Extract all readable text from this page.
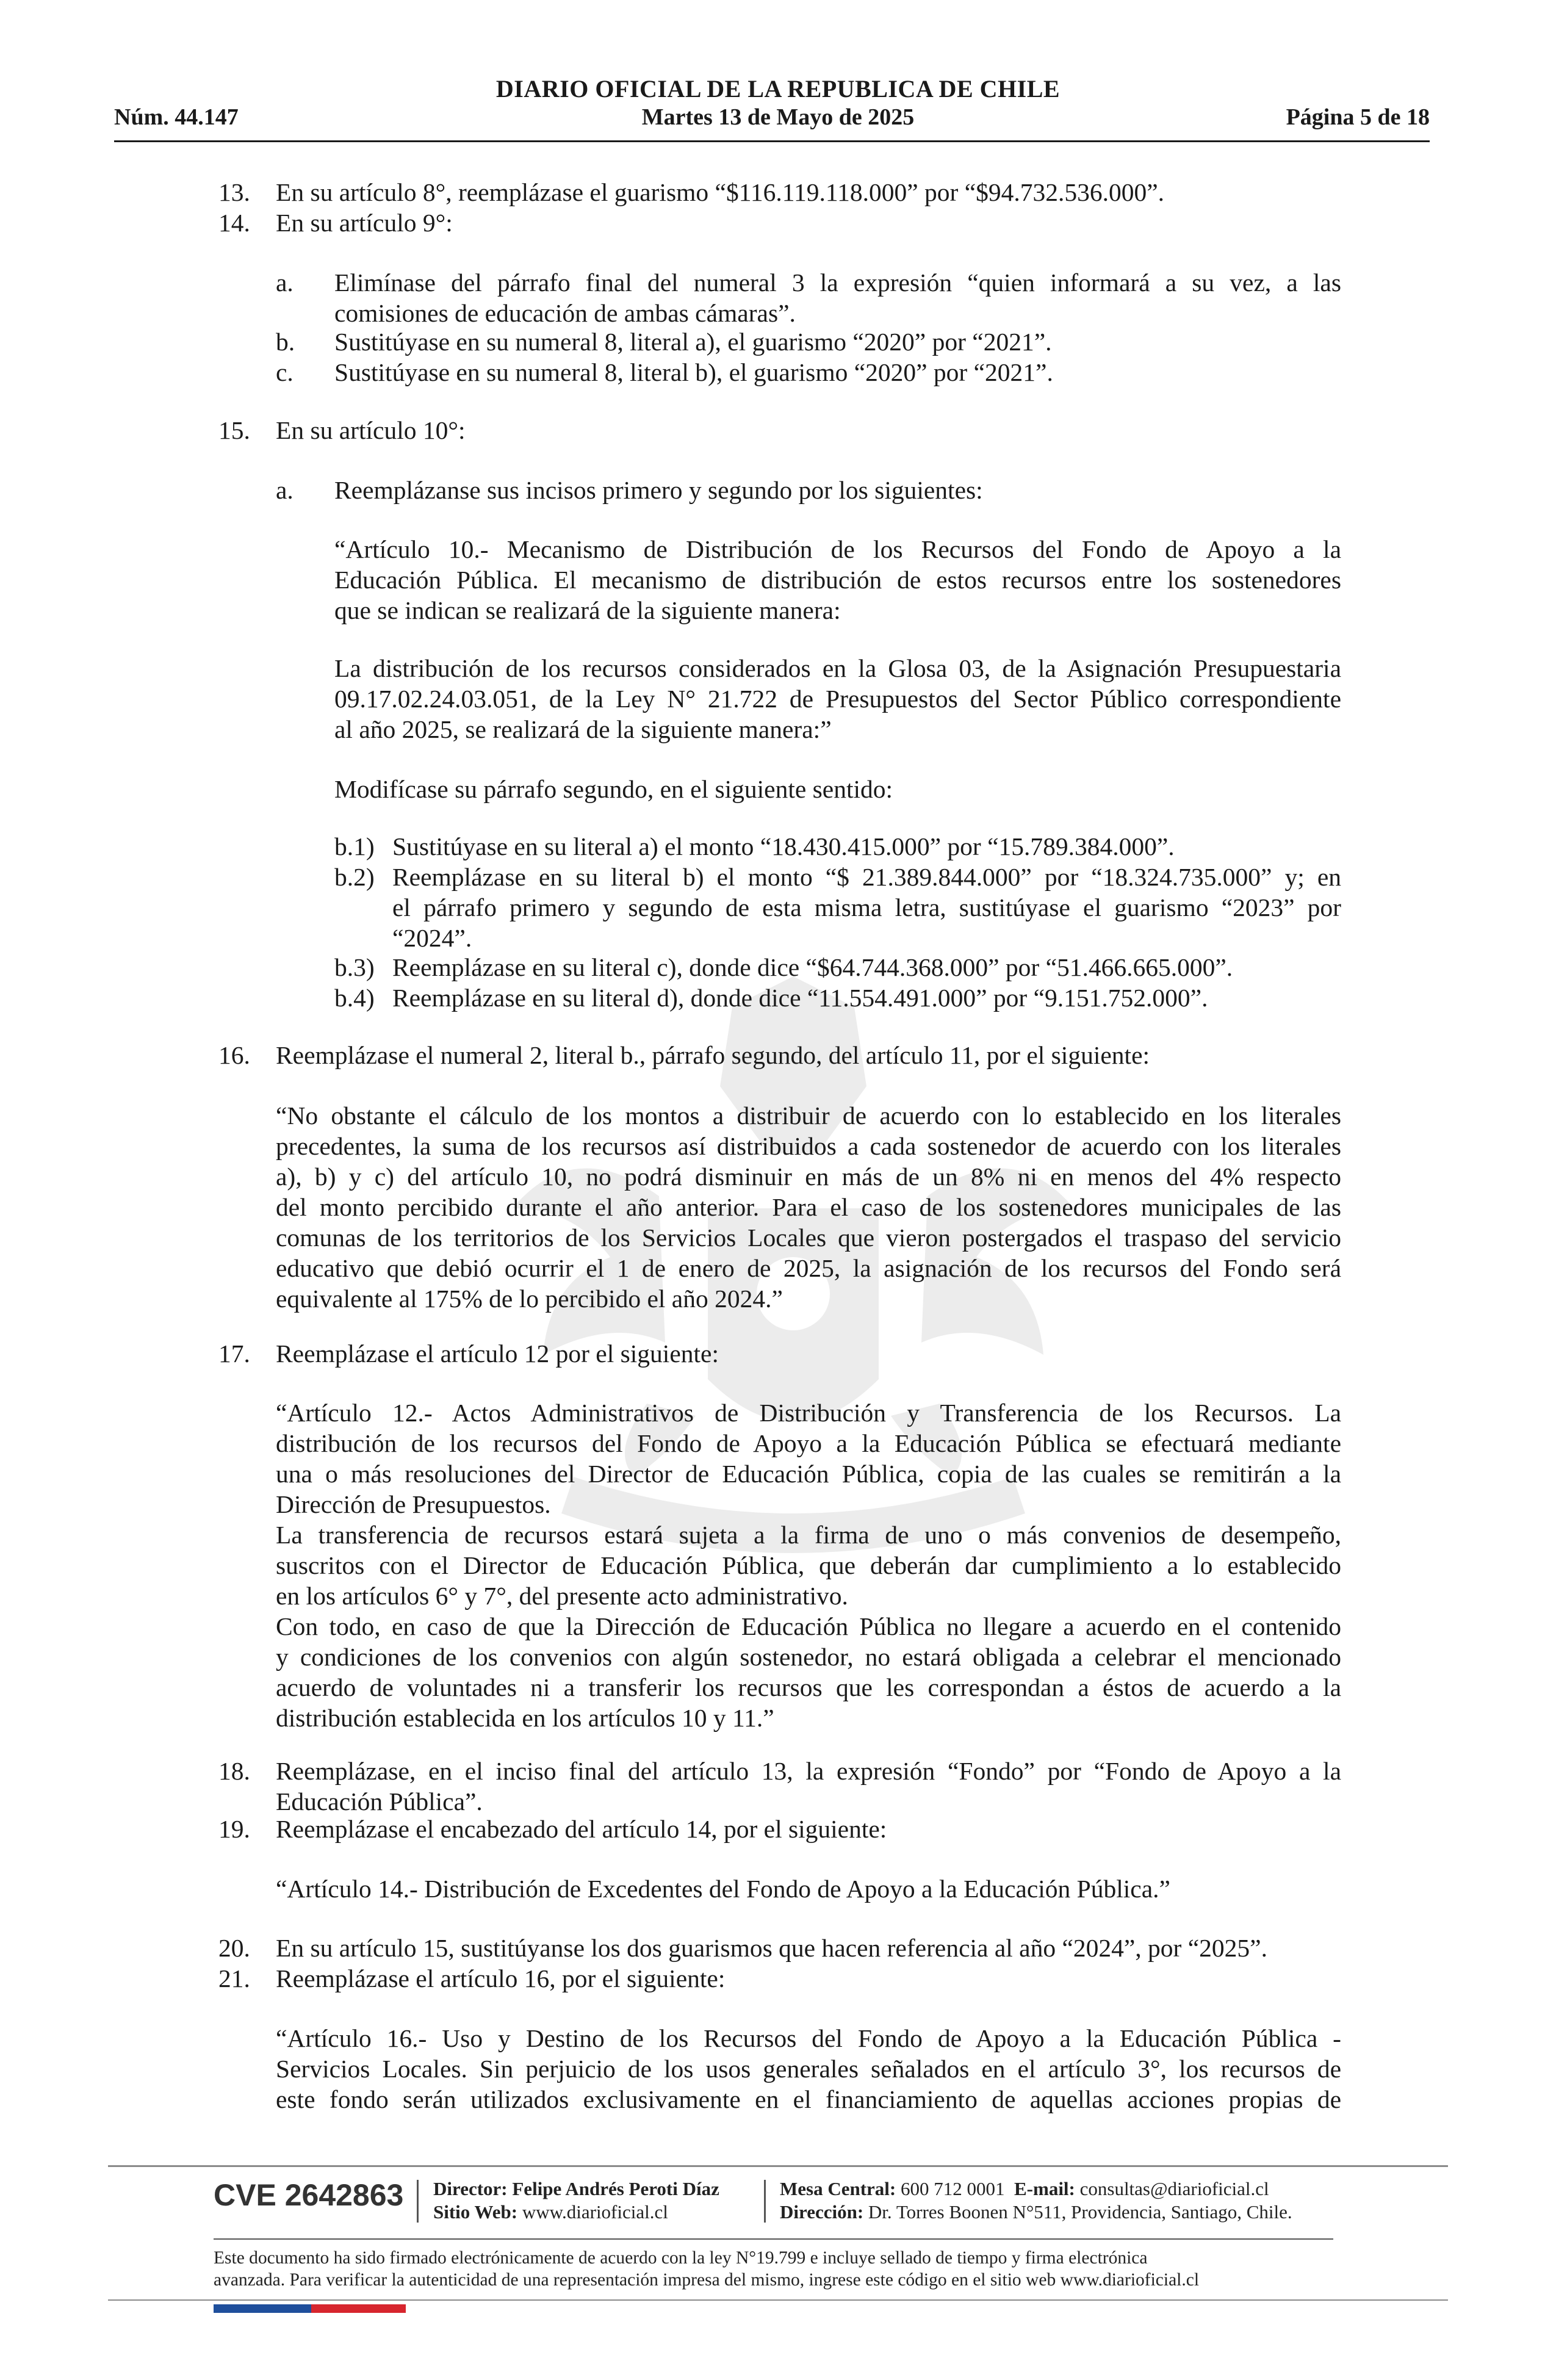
DIARIO OFICIAL DE LA REPUBLICA DE CHILE
Núm. 44.147	Martes 13 de Mayo de 2025	Página 5 de 18
13. En su artículo 8°, reemplázase el guarismo “$116.119.118.000” por “$94.732.536.000”.
14. En su artículo 9°:
a. Elimínase del párrafo final del numeral 3 la expresión “quien informará a su vez, a las
comisiones de educación de ambas cámaras”.
b. Sustitúyase en su numeral 8, literal a), el guarismo “2020” por “2021”.
c. Sustitúyase en su numeral 8, literal b), el guarismo “2020” por “2021”.
15. En su artículo 10°:
a. Reemplázanse sus incisos primero y segundo por los siguientes:
“Artículo 10.- Mecanismo de Distribución de los Recursos del Fondo de Apoyo a la
Educación Pública. El mecanismo de distribución de estos recursos entre los sostenedores
que se indican se realizará de la siguiente manera:
La distribución de los recursos considerados en la Glosa 03, de la Asignación Presupuestaria
09.17.02.24.03.051, de la Ley N° 21.722 de Presupuestos del Sector Público correspondiente
al año 2025, se realizará de la siguiente manera:”
Modifícase su párrafo segundo, en el siguiente sentido:
b.1) Sustitúyase en su literal a) el monto “18.430.415.000” por “15.789.384.000”.
b.2) Reemplázase en su literal b) el monto “$ 21.389.844.000” por “18.324.735.000” y; en
el párrafo primero y segundo de esta misma letra, sustitúyase el guarismo “2023” por
“2024”.
b.3) Reemplázase en su literal c), donde dice “$64.744.368.000” por “51.466.665.000”.
b.4) Reemplázase en su literal d), donde dice “11.554.491.000” por “9.151.752.000”.
16. Reemplázase el numeral 2, literal b., párrafo segundo, del artículo 11, por el siguiente:
“No obstante el cálculo de los montos a distribuir de acuerdo con lo establecido en los literales
precedentes, la suma de los recursos así distribuidos a cada sostenedor de acuerdo con los literales
a), b) y c) del artículo 10, no podrá disminuir en más de un 8% ni en menos del 4% respecto
del monto percibido durante el año anterior. Para el caso de los sostenedores municipales de las
comunas de los territorios de los Servicios Locales que vieron postergados el traspaso del servicio
educativo que debió ocurrir el 1 de enero de 2025, la asignación de los recursos del Fondo será
equivalente al 175% de lo percibido el año 2024.”
17. Reemplázase el artículo 12 por el siguiente:
“Artículo 12.- Actos Administrativos de Distribución y Transferencia de los Recursos. La
distribución de los recursos del Fondo de Apoyo a la Educación Pública se efectuará mediante
una o más resoluciones del Director de Educación Pública, copia de las cuales se remitirán a la
Dirección de Presupuestos.
La transferencia de recursos estará sujeta a la firma de uno o más convenios de desempeño,
suscritos con el Director de Educación Pública, que deberán dar cumplimiento a lo establecido
en los artículos 6° y 7°, del presente acto administrativo.
Con todo, en caso de que la Dirección de Educación Pública no llegare a acuerdo en el contenido
y condiciones de los convenios con algún sostenedor, no estará obligada a celebrar el mencionado
acuerdo de voluntades ni a transferir los recursos que les correspondan a éstos de acuerdo a la
distribución establecida en los artículos 10 y 11.”
18. Reemplázase, en el inciso final del artículo 13, la expresión “Fondo” por “Fondo de Apoyo a la
Educación Pública”.
19. Reemplázase el encabezado del artículo 14, por el siguiente:
“Artículo 14.- Distribución de Excedentes del Fondo de Apoyo a la Educación Pública.”
20. En su artículo 15, sustitúyanse los dos guarismos que hacen referencia al año “2024”, por “2025”.
21. Reemplázase el artículo 16, por el siguiente:
“Artículo 16.- Uso y Destino de los Recursos del Fondo de Apoyo a la Educación Pública -
Servicios Locales. Sin perjuicio de los usos generales señalados en el artículo 3°, los recursos de
este fondo serán utilizados exclusivamente en el financiamiento de aquellas acciones propias de
CVE 2642863 Director: Felipe Andrés Peroti Díaz
Sitio Web: www.diarioficial.cl
Mesa Central: 600 712 0001 E-mail: consultas@diarioficial.cl
Dirección: Dr. Torres Boonen N°511, Providencia, Santiago, Chile.
Este documento ha sido firmado electrónicamente de acuerdo con la ley N°19.799 e incluye sellado de tiempo y firma electrónica
avanzada. Para verificar la autenticidad de una representación impresa del mismo, ingrese este código en el sitio web www.diarioficial.cl
